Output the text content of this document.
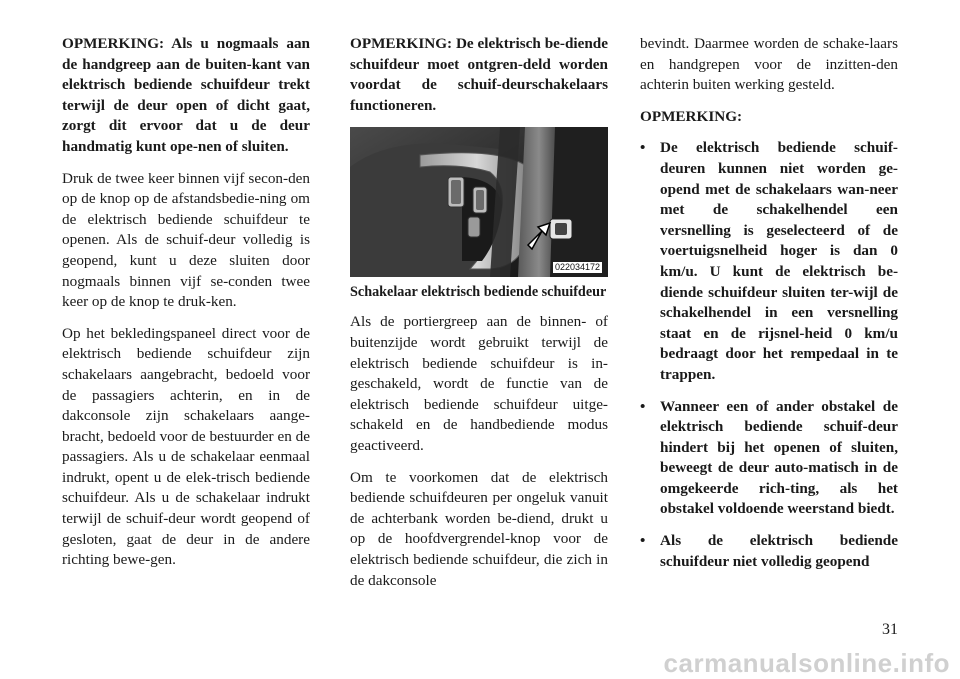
OPMERKING: Als u nogmaals aan de handgreep aan de buiten-kant van elektrisch bediende schuifdeur trekt terwijl de deur open of dicht gaat, zorgt dit ervoor dat u de deur handmatig kunt ope-nen of sluiten.

Druk de twee keer binnen vijf secon-den op de knop op de afstandsbedie-ning om de elektrisch bediende schuifdeur te openen. Als de schuif-deur volledig is geopend, kunt u deze sluiten door nogmaals binnen vijf se-conden twee keer op de knop te druk-ken.

Op het bekledingspaneel direct voor de elektrisch bediende schuifdeur zijn schakelaars aangebracht, bedoeld voor de passagiers achterin, en in de dakconsole zijn schakelaars aange-bracht, bedoeld voor de bestuurder en de passagiers. Als u de schakelaar eenmaal indrukt, opent u de elek-trisch bediende schuifdeur. Als u de schakelaar indrukt terwijl de schuif-deur wordt geopend of gesloten, gaat de deur in de andere richting bewe-gen.

OPMERKING: De elektrisch be-diende schuifdeur moet ontgren-deld worden voordat de schuif-deurschakelaars functioneren.

022034172

Schakelaar elektrisch bediende schuifdeur

Als de portiergreep aan de binnen- of buitenzijde wordt gebruikt terwijl de elektrisch bediende schuifdeur is in-geschakeld, wordt de functie van de elektrisch bediende schuifdeur uitge-schakeld en de handbediende modus geactiveerd.

Om te voorkomen dat de elektrisch bediende schuifdeuren per ongeluk vanuit de achterbank worden be-diend, drukt u op de hoofdvergrendel-knop voor de elektrisch bediende schuifdeur, die zich in de dakconsole

bevindt. Daarmee worden de schake-laars en handgrepen voor de inzitten-den achterin buiten werking gesteld.

OPMERKING:

• De elektrisch bediende schuif-deuren kunnen niet worden ge-opend met de schakelaars wan-neer met de schakelhendel een versnelling is geselecteerd of de voertuigsnelheid hoger is dan 0 km/u. U kunt de elektrisch be-diende schuifdeur sluiten ter-wijl de schakelhendel in een versnelling staat en de rijsnel-heid 0 km/u bedraagt door het rempedaal in te trappen.
• Wanneer een of ander obstakel de elektrisch bediende schuif-deur hindert bij het openen of sluiten, beweegt de deur auto-matisch in de omgekeerde rich-ting, als het obstakel voldoende weerstand biedt.
• Als de elektrisch bediende schuifdeur niet volledig geopend
31
carmanualsonline.info
